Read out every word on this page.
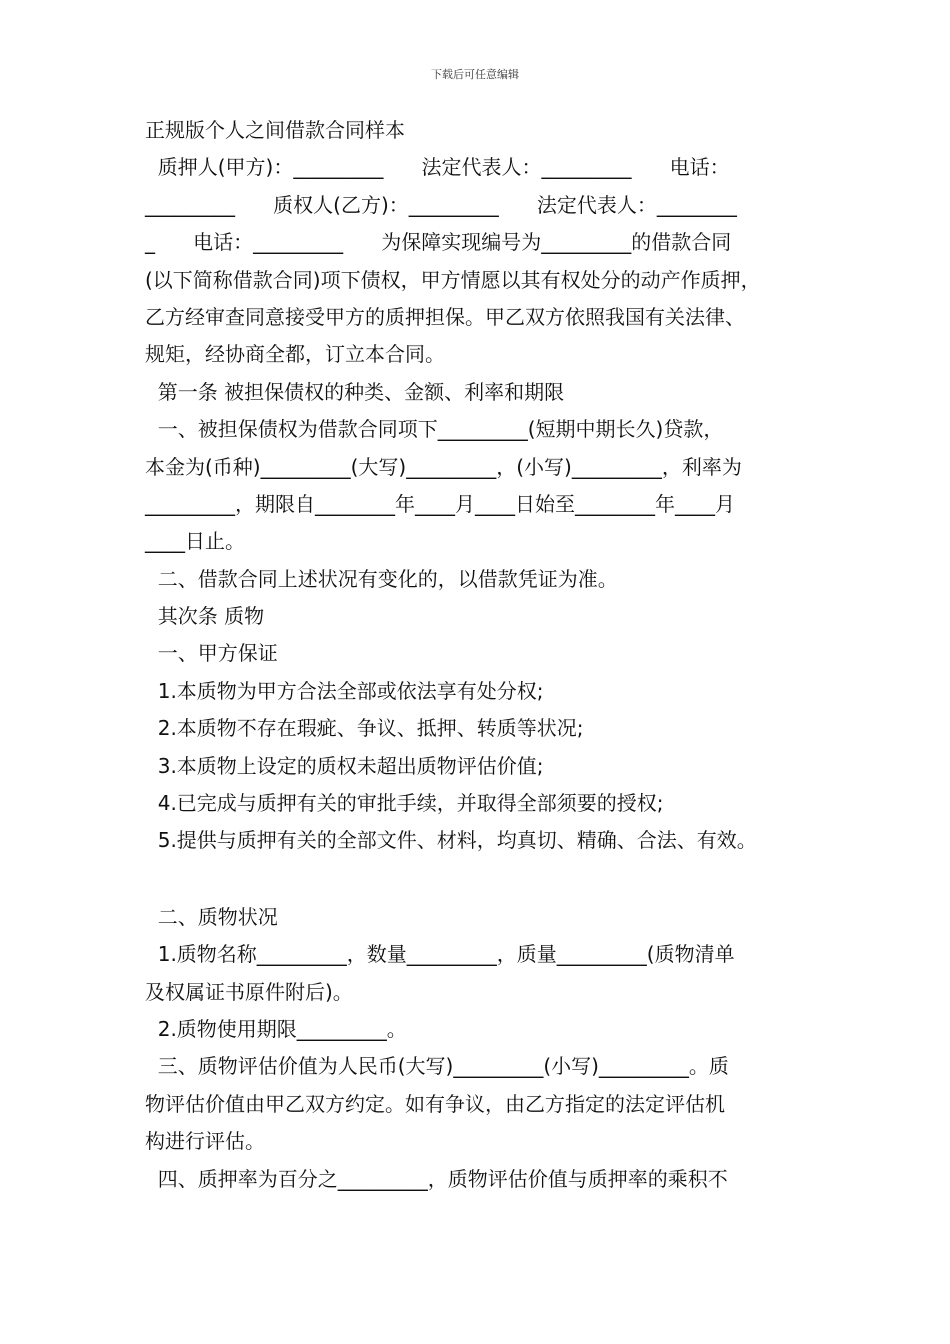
下载后可任意编辑

正规版个人之间借款合同样本

质押人(甲方)：_________      法定代表人：_________      电话：

_________      质权人(乙方)：_________      法定代表人：________

_      电话：_________      为保障实现编号为_________的借款合同

(以下简称借款合同)项下债权，甲方情愿以其有权处分的动产作质押，

乙方经审查同意接受甲方的质押担保。甲乙双方依照我国有关法律、

规矩，经协商全都，订立本合同。

第一条 被担保债权的种类、金额、利率和期限

一、被担保债权为借款合同项下_________(短期中期长久)贷款，

本金为(币种)_________(大写)_________，(小写)_________，利率为

_________，期限自________年____月____日始至________年____月

____日止。

二、借款合同上述状况有变化的，以借款凭证为准。

其次条 质物

一、甲方保证

1.本质物为甲方合法全部或依法享有处分权;

2.本质物不存在瑕疵、争议、抵押、转质等状况;

3.本质物上设定的质权未超出质物评估价值;

4.已完成与质押有关的审批手续，并取得全部须要的授权;

5.提供与质押有关的全部文件、材料，均真切、精确、合法、有效。

二、质物状况

1.质物名称_________，数量_________，质量_________(质物清单

及权属证书原件附后)。

2.质物使用期限_________。

三、质物评估价值为人民币(大写)_________(小写)_________。质

物评估价值由甲乙双方约定。如有争议，由乙方指定的法定评估机

构进行评估。

四、质押率为百分之_________，质物评估价值与质押率的乘积不
